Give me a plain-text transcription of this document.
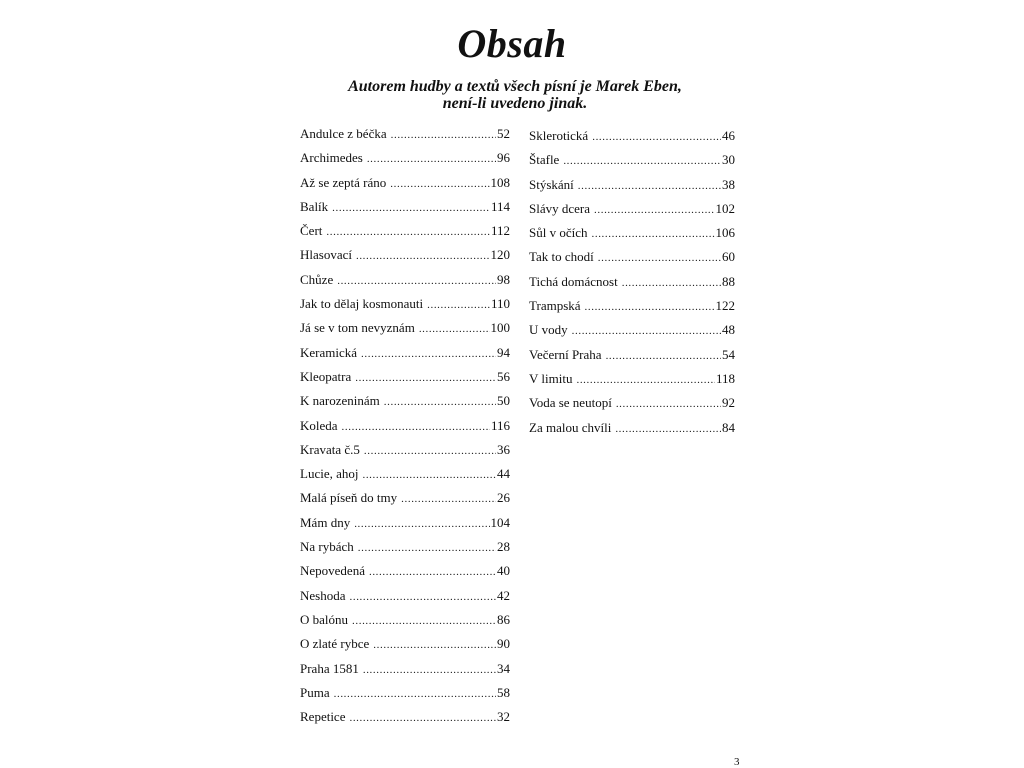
Obsah
Autorem hudby a textů všech písní je Marek Eben,
není-li uvedeno jinak.
Andulce z béčka .....	52
Archimedes .....	96
Až se zeptá ráno .....	108
Balík .....	114
Čert .....	112
Hlasovací .....	120
Chůze .....	98
Jak to dělaj kosmonauti .....	110
Já se v tom nevyznám .....	100
Keramická .....	94
Kleopatra .....	56
K narozeninám .....	50
Koleda .....	116
Kravata č.5 .....	36
Lucie, ahoj .....	44
Malá píseň do tmy .....	26
Mám dny .....	104
Na rybách .....	28
Nepovedená .....	40
Neshoda .....	42
O balónu .....	86
O zlaté rybce .....	90
Praha 1581 .....	34
Puma .....	58
Repetice .....	32
Sklerotická .....	46
Štafle .....	30
Stýskání .....	38
Slávy dcera .....	102
Sůl v očích .....	106
Tak to chodí .....	60
Tichá domácnost .....	88
Trampská .....	122
U vody .....	48
Večerní Praha .....	54
V limitu .....	118
Voda se neutopí .....	92
Za malou chvíli .....	84
3
